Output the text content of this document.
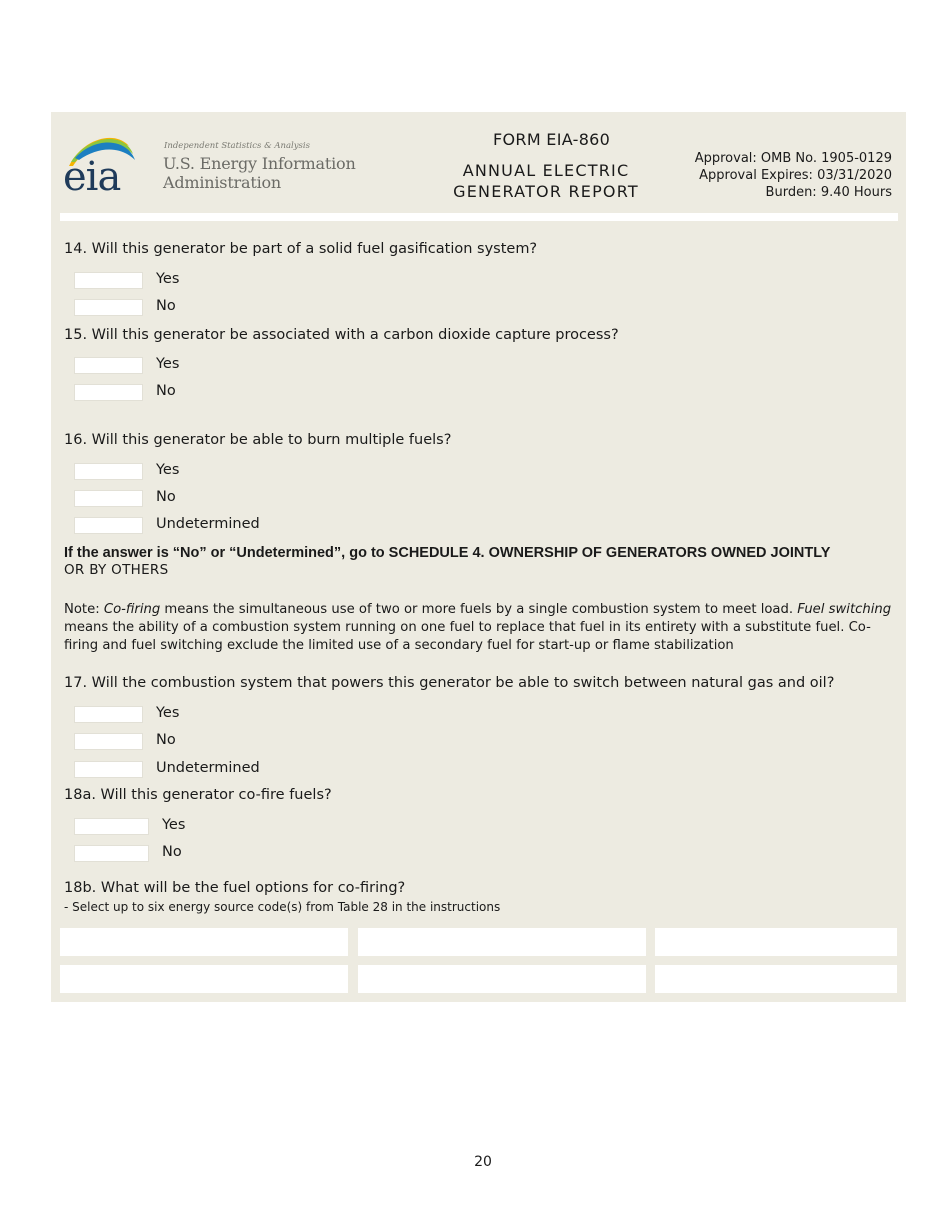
eia
Independent Statistics & Analysis
U.S. Energy Information
Administration
FORM EIA-860
ANNUAL ELECTRIC
GENERATOR REPORT
Approval: OMB No. 1905-0129
Approval Expires: 03/31/2020
Burden: 9.40 Hours
14. Will this generator be part of a solid fuel gasification system?
Yes
No
15. Will this generator be associated with a carbon dioxide capture process?
Yes
No
16. Will this generator be able to burn multiple fuels?
Yes
No
Undetermined
If the answer is “No” or “Undetermined”, go to SCHEDULE 4. OWNERSHIP OF GENERATORS OWNED JOINTLY
OR BY OTHERS
Note: Co-firing means the simultaneous use of two or more fuels by a single combustion system to meet load. Fuel switching means the ability of a combustion system running on one fuel to replace that fuel in its entirety with a substitute fuel. Co-firing and fuel switching exclude the limited use of a secondary fuel for start-up or flame stabilization
17. Will the combustion system that powers this generator be able to switch between natural gas and oil?
Yes
No
Undetermined
18a. Will this generator co-fire fuels?
Yes
No
18b. What will be the fuel options for co-firing?
- Select up to six energy source code(s) from Table 28 in the instructions
20
